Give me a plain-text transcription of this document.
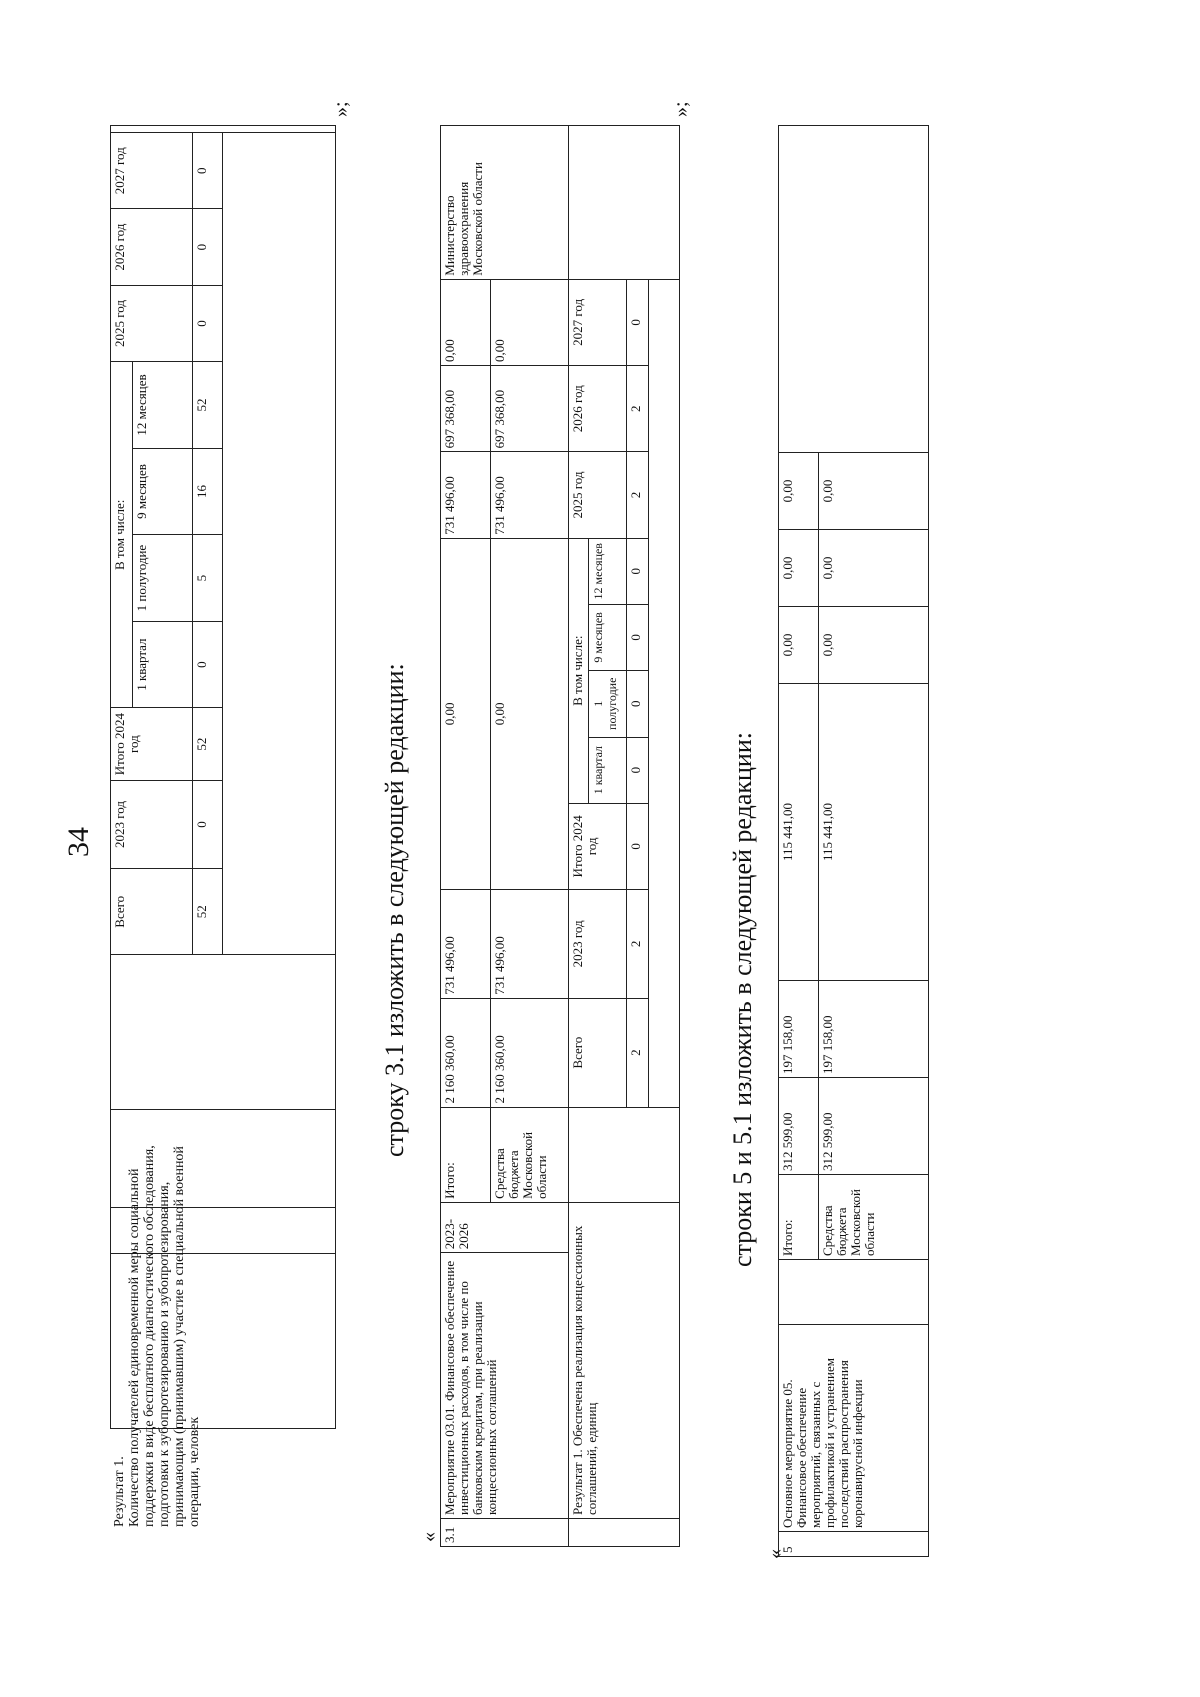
34
				Всего	2023 год	Итого 2024 год	В том числе:				2025 год	2026 год	2027 год	
							1 квартал	1 полугодие	9 месяцев	12 месяцев				
				52	0	52	0	5	16	52	0	0	0	

Результат 1.
Количество получателей единовременной меры социальной поддержки в виде бесплатного диагностического обследования, подготовки к зубопротезированию и зубопротезирования, принимающим (принимавшим) участие в специальной военной операции, человек
»;
строку 3.1 изложить в следующей редакции:
« 3.1	Мероприятие 03.01. Финансовое обеспечение инвестиционных расходов, в том числе по банковским кредитам, при реализации концессионных соглашений	2023-2026	Итого:	2 160 360,00	731 496,00	0,00					731 496,00	697 368,00	0,00	Министерство здравоохранения Московской области
			Средства бюджета Московской области	2 160 360,00	731 496,00	0,00					731 496,00	697 368,00	0,00	
	Результат 1. Обеспечена реализация концессионных соглашений, единиц			Всего	2023 год	Итого 2024 год	В том числе:				2025 год	2026 год	2027 год	
							1 квартал	1 полугодие	9 месяцев	12 месяцев				
				2	2	0	0	0	0	0	2	2	0	

»;
строки 5 и 5.1 изложить в следующей редакции:
«
5	Основное мероприятие 05. Финансовое обеспечение мероприятий, связанных с профилактикой и устранением последствий распространения коронавирусной инфекции		Итого:	312 599,00	197 158,00	115 441,00	0,00	0,00	0,00	
			Средства бюджета Московской области	312 599,00	197 158,00	115 441,00	0,00	0,00	0,00	
